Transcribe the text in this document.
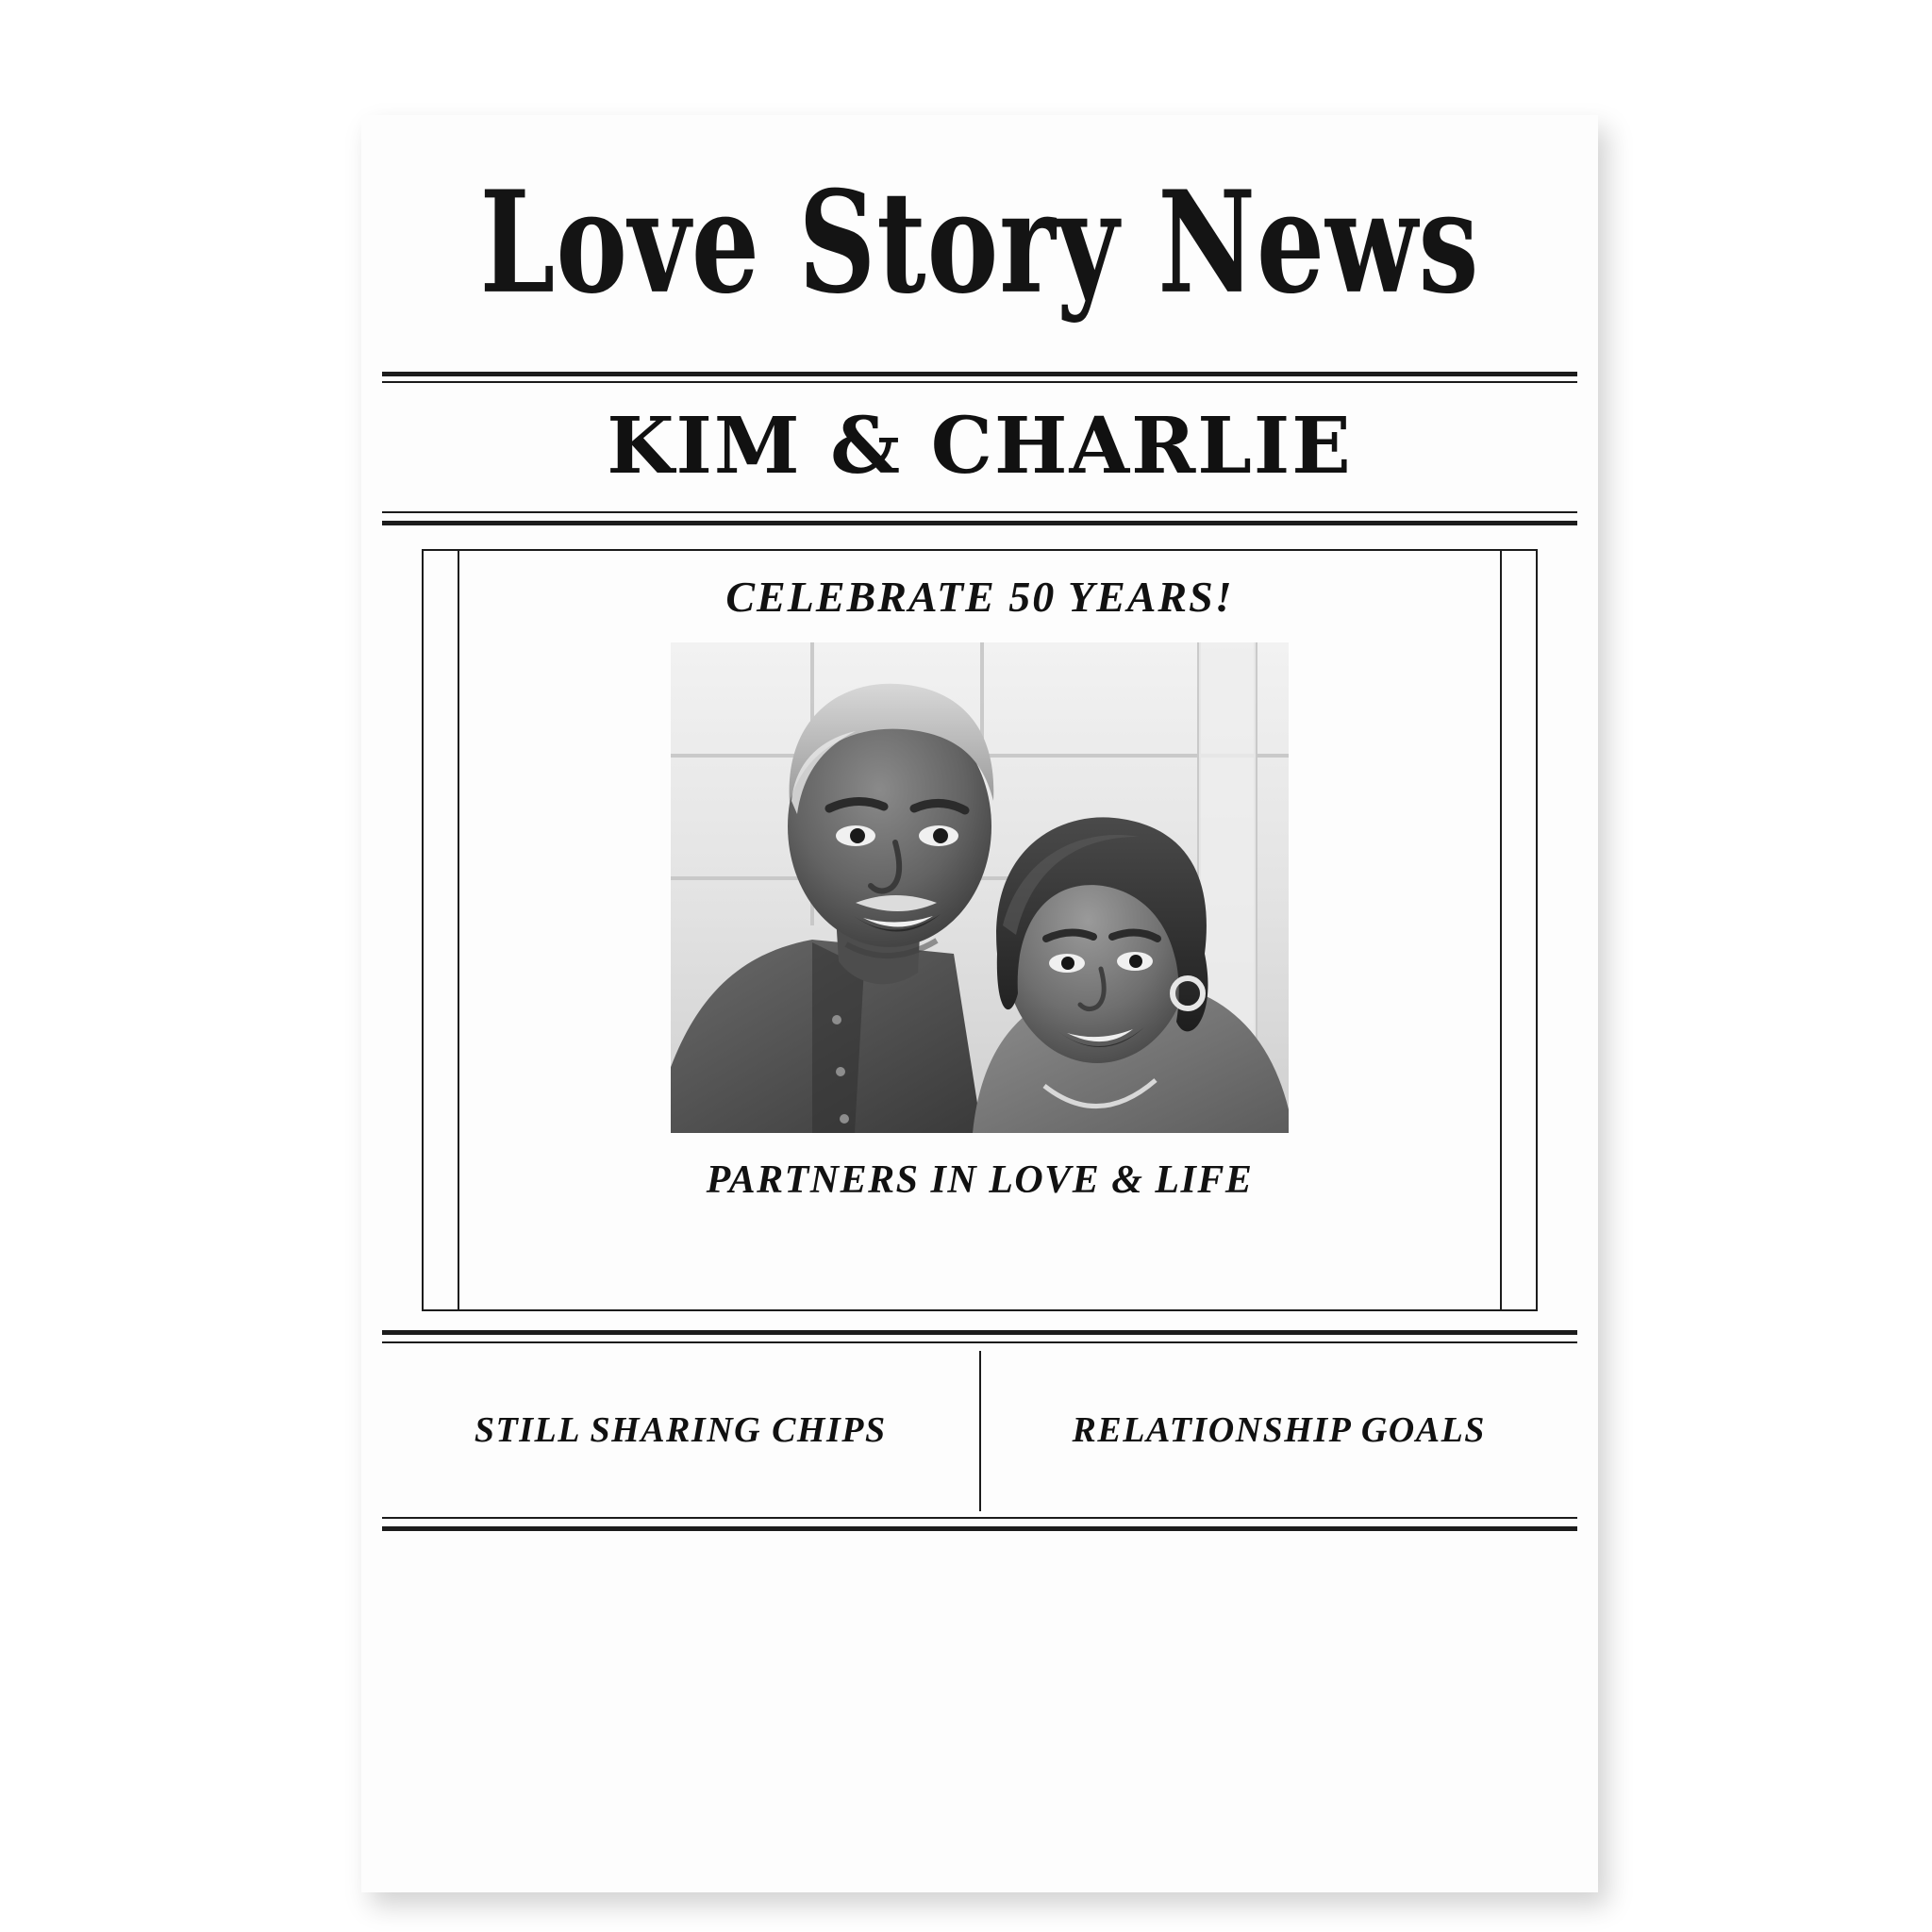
Love Story News
KIM & CHARLIE
CELEBRATE 50 YEARS!
PARTNERS IN LOVE & LIFE
STILL SHARING CHIPS	RELATIONSHIP GOALS
